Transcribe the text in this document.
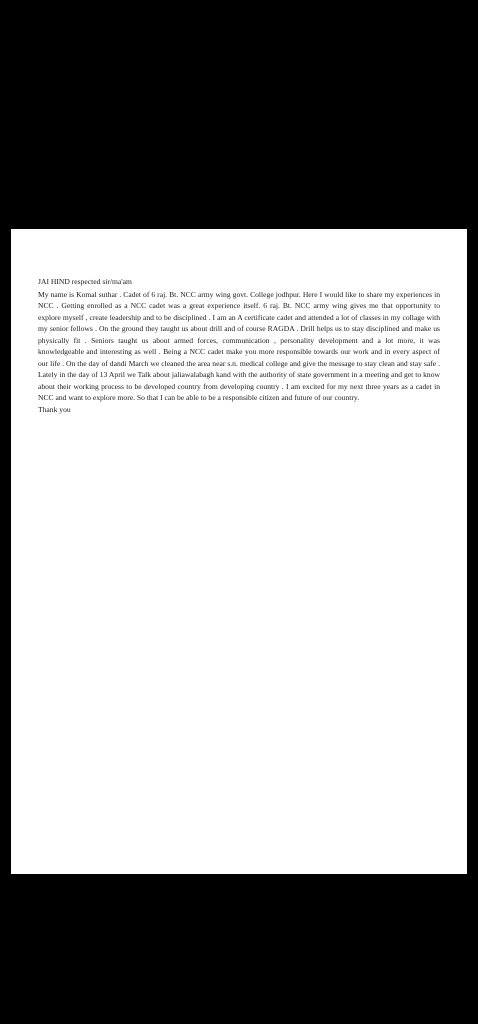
JAI HIND respected sir/ma'am

My name is Komal suthar . Cadet of 6 raj. Bt. NCC army wing govt. College jodhpur. Here I would like to share my experiences in NCC . Getting enrolled as a NCC cadet was a great experience itself. 6 raj. Bt. NCC army wing gives me that opportunity to explore myself , create leadership and to be disciplined . I am an A certificate cadet and attended a lot of classes in my collage with my senior fellows . On the ground they taught us about drill and of course RAGDA . Drill helps us to stay disciplined and make us physically fit . Seniors taught us about armed forces, communication , personality development and a lot more, it was knowledgeable and interesting as well . Being a NCC cadet make you more responsible towards our work and in every aspect of our life . On the day of dandi March we cleaned the area near s.n. medical college and give the message to stay clean and stay safe . Lately in the day of 13 April we Talk about jaliawalabagh kand with the authority of state government in a meeting and get to know about their working process to be developed country from developing country . I am excited for my next three years as a cadet in NCC and want to explore more. So that I can be able to be a responsible citizen and future of our country.

Thank you
